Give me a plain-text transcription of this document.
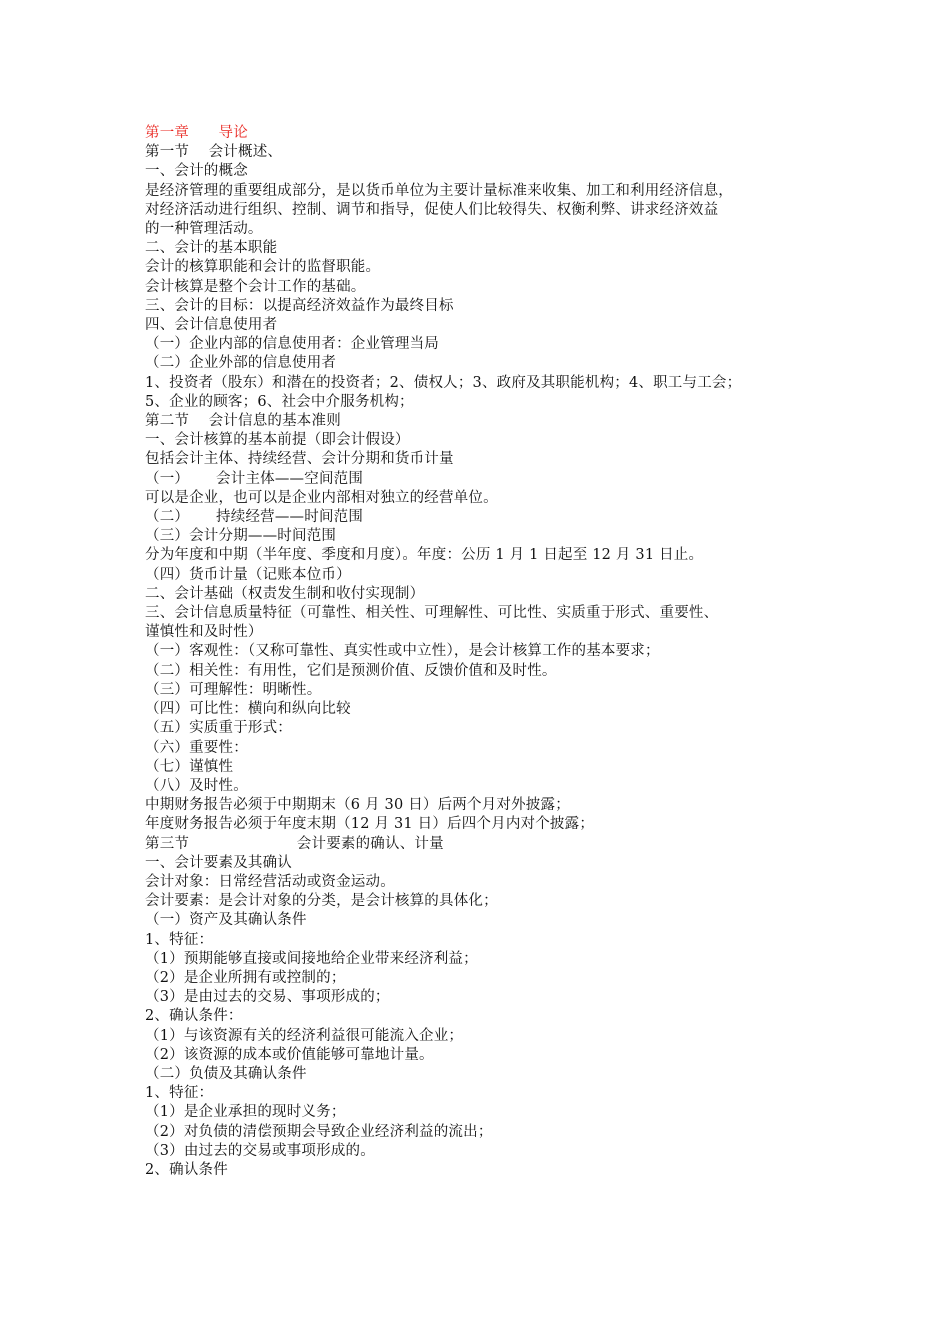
第一章　　导论
第一节　 会计概述、
一、会计的概念
是经济管理的重要组成部分，是以货币单位为主要计量标准来收集、加工和利用经济信息，
对经济活动进行组织、控制、调节和指导，促使人们比较得失、权衡利弊、讲求经济效益
的一种管理活动。
二、会计的基本职能
会计的核算职能和会计的监督职能。
会计核算是整个会计工作的基础。
三、会计的目标：以提高经济效益作为最终目标
四、会计信息使用者
（一）企业内部的信息使用者：企业管理当局
（二）企业外部的信息使用者
1、投资者（股东）和潜在的投资者；2、债权人；3、政府及其职能机构；4、职工与工会；
5、企业的顾客；6、社会中介服务机构；
第二节　 会计信息的基本准则
一、会计核算的基本前提（即会计假设）
包括会计主体、持续经营、会计分期和货币计量
（一）　　 会计主体——空间范围
可以是企业，也可以是企业内部相对独立的经营单位。
（二）　　 持续经营——时间范围
（三）会计分期——时间范围
分为年度和中期（半年度、季度和月度）。年度：公历 1 月 1 日起至 12 月 31 日止。
（四）货币计量（记账本位币）
二、会计基础（权责发生制和收付实现制）
三、会计信息质量特征（可靠性、相关性、可理解性、可比性、实质重于形式、重要性、
谨慎性和及时性）
（一）客观性：（又称可靠性、真实性或中立性），是会计核算工作的基本要求；
（二）相关性：有用性，它们是预测价值、反馈价值和及时性。
（三）可理解性：明晰性。
（四）可比性：横向和纵向比较
（五）实质重于形式：
（六）重要性：
（七）谨慎性
（八）及时性。
中期财务报告必须于中期期末（6 月 30 日）后两个月对外披露；
年度财务报告必须于年度末期（12 月 31 日）后四个月内对个披露；
第三节　　　　　　　 会计要素的确认、计量
一、会计要素及其确认
会计对象：日常经营活动或资金运动。
会计要素：是会计对象的分类，是会计核算的具体化；
（一）资产及其确认条件
1、特征：
（1）预期能够直接或间接地给企业带来经济利益；
（2）是企业所拥有或控制的；
（3）是由过去的交易、事项形成的；
2、确认条件：
（1）与该资源有关的经济利益很可能流入企业；
（2）该资源的成本或价值能够可靠地计量。
（二）负债及其确认条件
1、特征：
（1）是企业承担的现时义务；
（2）对负债的清偿预期会导致企业经济利益的流出；
（3）由过去的交易或事项形成的。
2、确认条件
